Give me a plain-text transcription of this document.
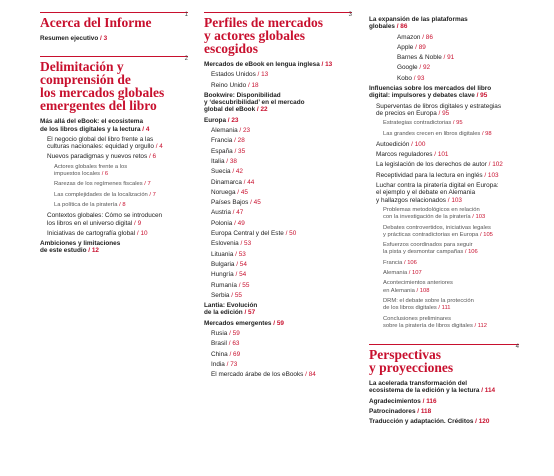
1
Acerca del Informe
Resumen ejecutivo / 3
2
Delimitación y
comprensión de
los mercados globales
emergentes del libro
Más allá del eBook: el ecosistema
de los libros digitales y la lectura / 4
El negocio global del libro frente a las
culturas nacionales: equidad y orgullo / 4
Nuevos paradigmas y nuevos retos / 6
Actores globales frente a los
impuestos locales / 6
Rarezas de los regímenes fiscales / 7
Las complejidades de la localización / 7
La política de la piratería / 8
Contextos globales: Cómo se introducen
los libros en el universo digital / 9
Iniciativas de cartografía global / 10
Ambiciones y limitaciones
de este estudio / 12
3
Perfiles de mercados
y actores globales
escogidos
Mercados de eBook en lengua inglesa / 13
Estados Unidos / 13
Reino Unido / 18
Bookwire: Disponibilidad
y ‘descubribilidad’ en el mercado
global del eBook / 22
Europa / 23
Alemania / 23
Francia / 28
España / 35
Italia / 38
Suecia / 42
Dinamarca / 44
Noruega / 45
Países Bajos / 45
Austria / 47
Polonia / 49
Europa Central y del Este / 50
Eslovenia / 53
Lituania / 53
Bulgaria / 54
Hungría / 54
Rumanía / 55
Serbia / 55
Lantia: Evolución
de la edición / 57
Mercados emergentes / 59
Rusia / 59
Brasil / 63
China / 69
India / 73
El mercado árabe de los eBooks / 84
La expansión de las plataformas
globales / 86
Amazon / 86
Apple / 89
Barnes & Noble / 91
Google / 92
Kobo / 93
Influencias sobre los mercados del libro
digital: impulsores y debates clave / 95
Superventas de libros digitales y estrategias
de precios en Europa / 95
Estrategias contradictorias / 95
Las grandes crecen en libros digitales / 98
Autoedición / 100
Marcos reguladores / 101
La legislación de los derechos de autor / 102
Receptividad para la lectura en inglés / 103
Luchar contra la piratería digital en Europa:
el ejemplo y el debate en Alemania
y hallazgos relacionados / 103
Problemas metodológicos en relación
con la investigación de la piratería / 103
Debates controvertidos, iniciativas legales
y prácticas contradictorias en Europa / 105
Esfuerzos coordinados para seguir
la pista y desmontar campañas / 106
Francia / 106
Alemania / 107
Acontecimientos anteriores
en Alemania / 108
DRM: el debate sobre la protección
de los libros digitales / 111
Conclusiones preliminares
sobre la piratería de libros digitales / 112
4
Perspectivas
y proyecciones
La acelerada transformación del
ecosistema de la edición y la lectura / 114
Agradecimientos / 116
Patrocinadores / 118
Traducción y adaptación. Créditos / 120
